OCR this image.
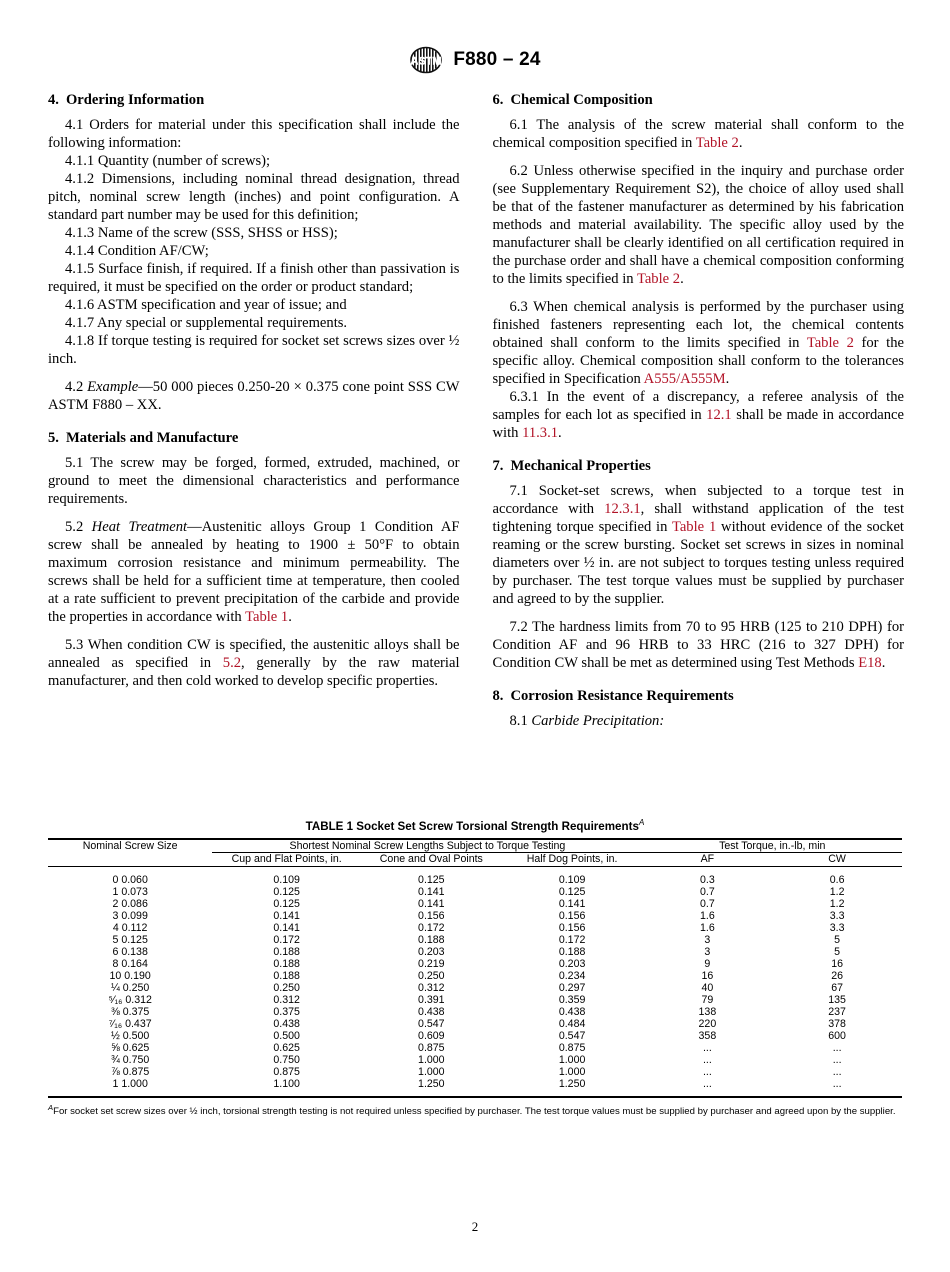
ASTM F880 – 24
4. Ordering Information

4.1 Orders for material under this specification shall include the following information:

4.1.1 Quantity (number of screws);

4.1.2 Dimensions, including nominal thread designation, thread pitch, nominal screw length (inches) and point configuration. A standard part number may be used for this definition;

4.1.3 Name of the screw (SSS, SHSS or HSS);

4.1.4 Condition AF/CW;

4.1.5 Surface finish, if required. If a finish other than passivation is required, it must be specified on the order or product standard;

4.1.6 ASTM specification and year of issue; and

4.1.7 Any special or supplemental requirements.

4.1.8 If torque testing is required for socket set screws sizes over ½ inch.

4.2 Example—50 000 pieces 0.250-20 × 0.375 cone point SSS CW ASTM F880 – XX.

5. Materials and Manufacture

5.1 The screw may be forged, formed, extruded, machined, or ground to meet the dimensional characteristics and performance requirements.

5.2 Heat Treatment—Austenitic alloys Group 1 Condition AF screw shall be annealed by heating to 1900 ± 50°F to obtain maximum corrosion resistance and minimum permeability. The screws shall be held for a sufficient time at temperature, then cooled at a rate sufficient to prevent precipitation of the carbide and provide the properties in accordance with Table 1.

5.3 When condition CW is specified, the austenitic alloys shall be annealed as specified in 5.2, generally by the raw material manufacturer, and then cold worked to develop specific properties.

6. Chemical Composition

6.1 The analysis of the screw material shall conform to the chemical composition specified in Table 2.

6.2 Unless otherwise specified in the inquiry and purchase order (see Supplementary Requirement S2), the choice of alloy used shall be that of the fastener manufacturer as determined by his fabrication methods and material availability. The specific alloy used by the manufacturer shall be clearly identified on all certification required in the purchase order and shall have a chemical composition conforming to the limits specified in Table 2.

6.3 When chemical analysis is performed by the purchaser using finished fasteners representing each lot, the chemical contents obtained shall conform to the limits specified in Table 2 for the specific alloy. Chemical composition shall conform to the tolerances specified in Specification A555/A555M.

6.3.1 In the event of a discrepancy, a referee analysis of the samples for each lot as specified in 12.1 shall be made in accordance with 11.3.1.

7. Mechanical Properties

7.1 Socket-set screws, when subjected to a torque test in accordance with 12.3.1, shall withstand application of the test tightening torque specified in Table 1 without evidence of the socket reaming or the screw bursting. Socket set screws in sizes in nominal diameters over ½ in. are not subject to torques testing unless required by purchaser. The test torque values must be supplied by purchaser and agreed to by the supplier.

7.2 The hardness limits from 70 to 95 HRB (125 to 210 DPH) for Condition AF and 96 HRB to 33 HRC (216 to 327 DPH) for Condition CW shall be met as determined using Test Methods E18.

8. Corrosion Resistance Requirements

8.1 Carbide Precipitation:

TABLE 1 Socket Set Screw Torsional Strength Requirements$^A$
Nominal Screw Size	Shortest Nominal Screw Lengths Subject to Torque Testing			Test Torque, in.-lb, min	
	Cup and Flat Points, in.	Cone and Oval Points	Half Dog Points, in.	AF	CW
0 0.060	0.109	0.125	0.109	0.3	0.6
1 0.073	0.125	0.141	0.125	0.7	1.2
2 0.086	0.125	0.141	0.141	0.7	1.2
3 0.099	0.141	0.156	0.156	1.6	3.3
4 0.112	0.141	0.172	0.156	1.6	3.3
5 0.125	0.172	0.188	0.172	3	5
6 0.138	0.188	0.203	0.188	3	5
8 0.164	0.188	0.219	0.203	9	16
10 0.190	0.188	0.250	0.234	16	26
¼ 0.250	0.250	0.312	0.297	40	67
⁵⁄₁₆ 0.312	0.312	0.391	0.359	79	135
⅜ 0.375	0.375	0.438	0.438	138	237
⁷⁄₁₆ 0.437	0.438	0.547	0.484	220	378
½ 0.500	0.500	0.609	0.547	358	600
⅝ 0.625	0.625	0.875	0.875	...	...
¾ 0.750	0.750	1.000	1.000	...	...
⅞ 0.875	0.875	1.000	1.000	...	...
1 1.000	1.100	1.250	1.250	...	...
$^A$For socket set screw sizes over ½ inch, torsional strength testing is not required unless specified by purchaser. The test torque values must be supplied by purchaser and agreed upon by the supplier.
2
